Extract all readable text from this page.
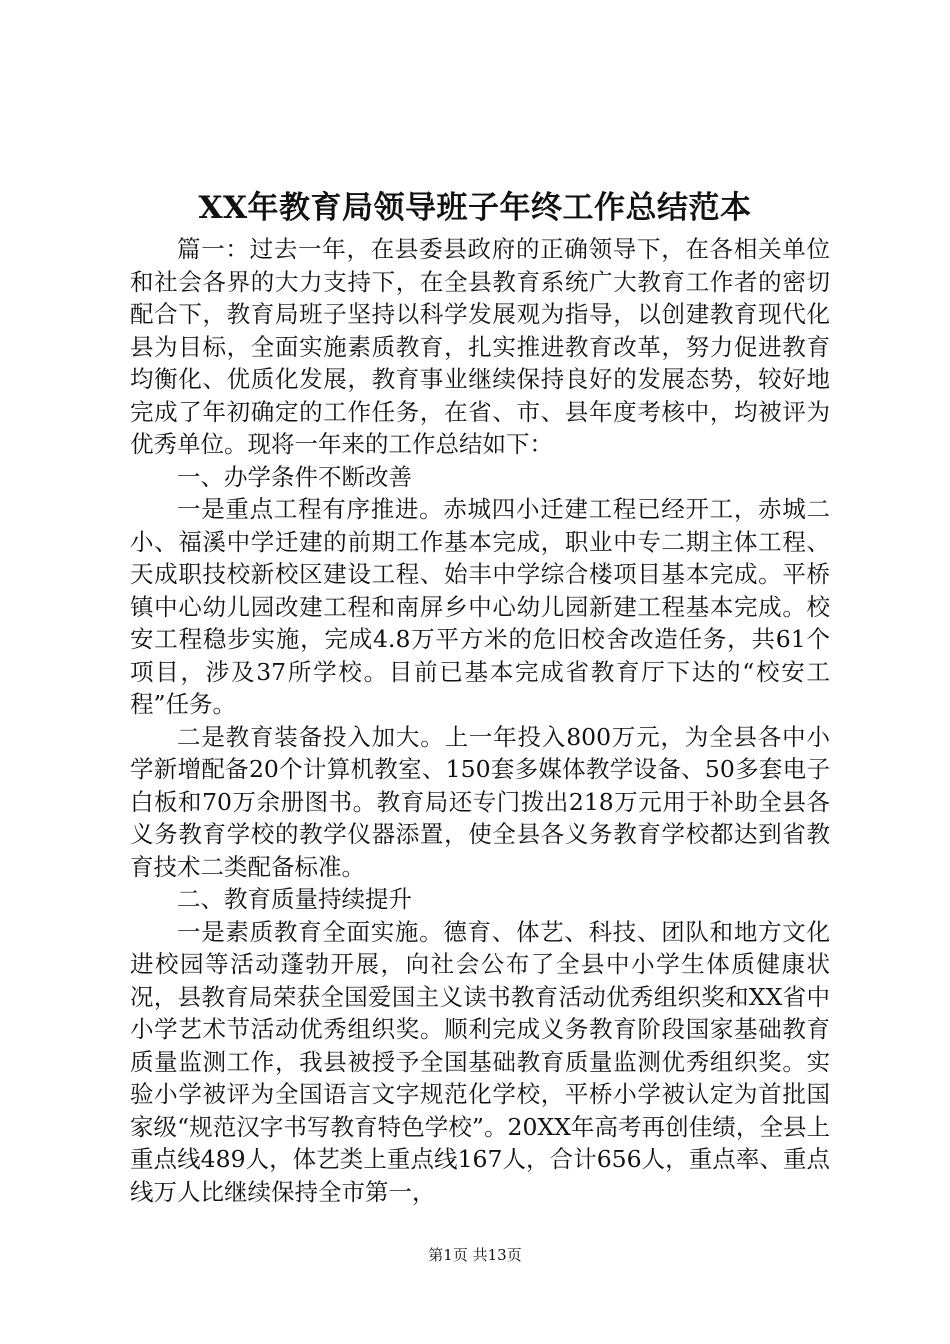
XX年教育局领导班子年终工作总结范本

篇一：过去一年，在县委县政府的正确领导下，在各相关单位和社会各界的大力支持下，在全县教育系统广大教育工作者的密切配合下，教育局班子坚持以科学发展观为指导，以创建教育现代化县为目标，全面实施素质教育，扎实推进教育改革，努力促进教育均衡化、优质化发展，教育事业继续保持良好的发展态势，较好地完成了年初确定的工作任务，在省、市、县年度考核中，均被评为优秀单位。现将一年来的工作总结如下：

一、办学条件不断改善

一是重点工程有序推进。赤城四小迁建工程已经开工，赤城二小、福溪中学迁建的前期工作基本完成，职业中专二期主体工程、天成职技校新校区建设工程、始丰中学综合楼项目基本完成。平桥镇中心幼儿园改建工程和南屏乡中心幼儿园新建工程基本完成。校安工程稳步实施，完成4.8万平方米的危旧校舍改造任务，共61个项目，涉及37所学校。目前已基本完成省教育厅下达的“校安工程”任务。

二是教育装备投入加大。上一年投入800万元，为全县各中小学新增配备20个计算机教室、150套多媒体教学设备、50多套电子白板和70万余册图书。教育局还专门拨出218万元用于补助全县各义务教育学校的教学仪器添置，使全县各义务教育学校都达到省教育技术二类配备标准。

二、教育质量持续提升

一是素质教育全面实施。德育、体艺、科技、团队和地方文化进校园等活动蓬勃开展，向社会公布了全县中小学生体质健康状况，县教育局荣获全国爱国主义读书教育活动优秀组织奖和XX省中小学艺术节活动优秀组织奖。顺利完成义务教育阶段国家基础教育质量监测工作，我县被授予全国基础教育质量监测优秀组织奖。实验小学被评为全国语言文字规范化学校，平桥小学被认定为首批国家级“规范汉字书写教育特色学校”。20XX年高考再创佳绩，全县上重点线489人，体艺类上重点线167人，合计656人，重点率、重点线万人比继续保持全市第一，

第1页 共13页
